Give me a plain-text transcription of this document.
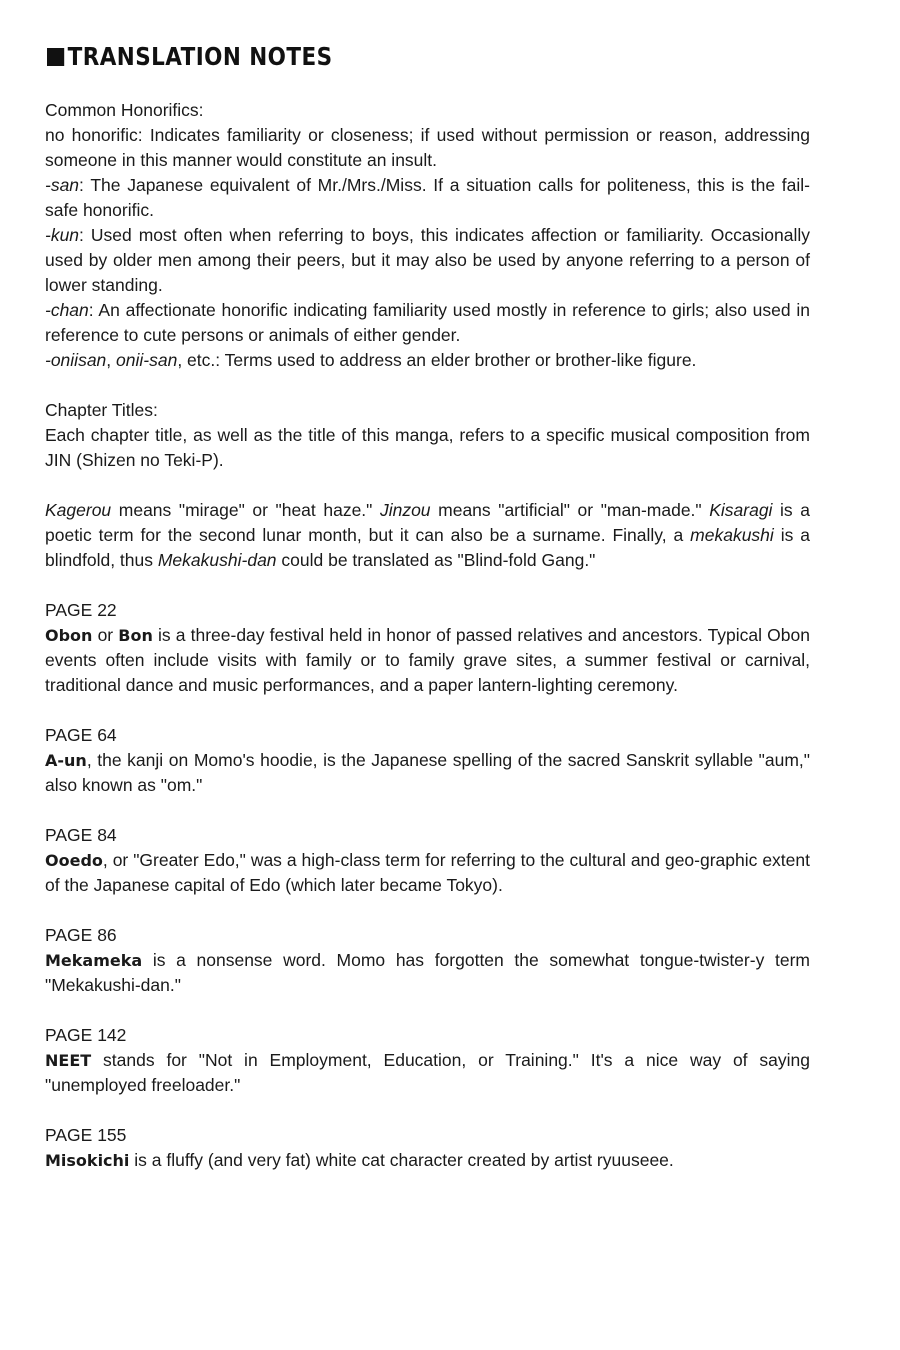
TRANSLATION NOTES

Common Honorifics:
no honorific: Indicates familiarity or closeness; if used without permission or reason, addressing someone in this manner would constitute an insult.
-san: The Japanese equivalent of Mr./Mrs./Miss. If a situation calls for politeness, this is the fail-safe honorific.
-kun: Used most often when referring to boys, this indicates affection or familiarity. Occasionally used by older men among their peers, but it may also be used by anyone referring to a person of lower standing.
-chan: An affectionate honorific indicating familiarity used mostly in reference to girls; also used in reference to cute persons or animals of either gender.
-oniisan, onii-san, etc.: Terms used to address an elder brother or brother-like figure.

Chapter Titles:
Each chapter title, as well as the title of this manga, refers to a specific musical composition from JIN (Shizen no Teki-P).

Kagerou means "mirage" or "heat haze." Jinzou means "artificial" or "man-made." Kisaragi is a poetic term for the second lunar month, but it can also be a surname. Finally, a mekakushi is a blindfold, thus Mekakushi-dan could be translated as "Blind-fold Gang."

PAGE 22
Obon or Bon is a three-day festival held in honor of passed relatives and ancestors. Typical Obon events often include visits with family or to family grave sites, a summer festival or carnival, traditional dance and music performances, and a paper lantern-lighting ceremony.

PAGE 64
A-un, the kanji on Momo's hoodie, is the Japanese spelling of the sacred Sanskrit syllable "aum," also known as "om."

PAGE 84
Ooedo, or "Greater Edo," was a high-class term for referring to the cultural and geo-graphic extent of the Japanese capital of Edo (which later became Tokyo).

PAGE 86
Mekameka is a nonsense word. Momo has forgotten the somewhat tongue-twister-y term "Mekakushi-dan."

PAGE 142
NEET stands for "Not in Employment, Education, or Training." It's a nice way of saying "unemployed freeloader."

PAGE 155
Misokichi is a fluffy (and very fat) white cat character created by artist ryuuseee.
